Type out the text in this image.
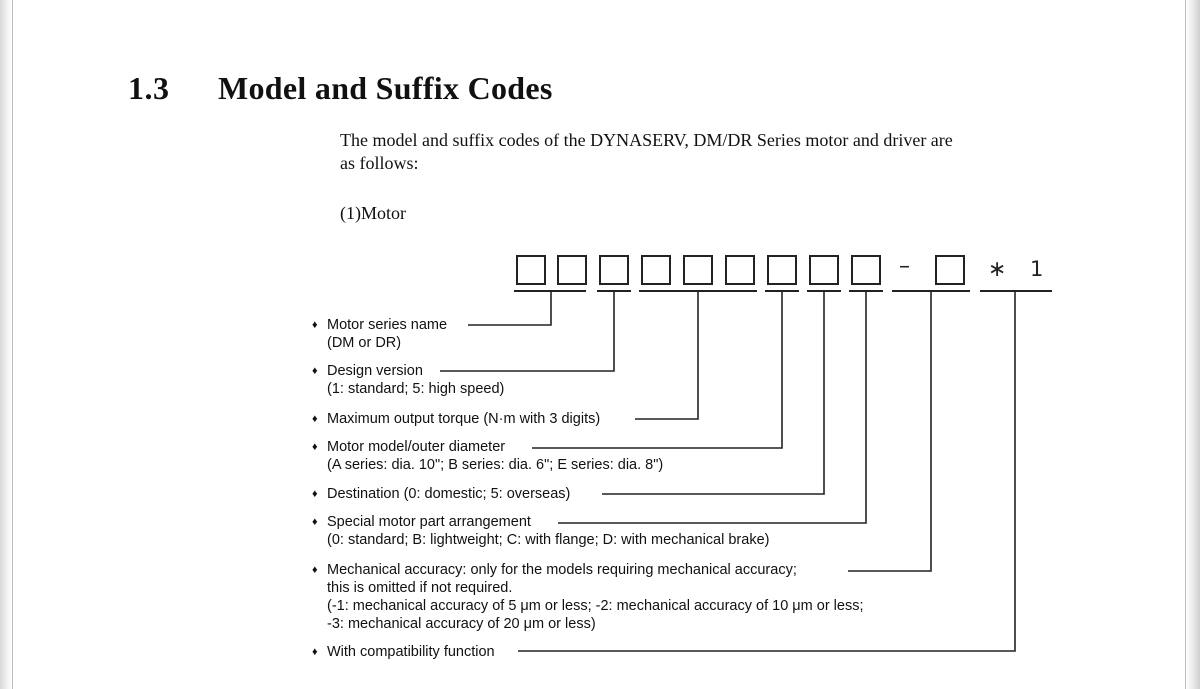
1.3 Model and Suffix Codes
The model and suffix codes of the DYNASERV, DM/DR Series motor and driver are
as follows:
(1)Motor
–	∗ 1
♦ Motor series name
(DM or DR)
♦ Design version
(1: standard; 5: high speed)
♦ Maximum output torque (N·m with 3 digits)
♦ Motor model/outer diameter
(A series: dia. 10"; B series: dia. 6"; E series: dia. 8")
♦ Destination (0: domestic; 5: overseas)
♦ Special motor part arrangement
(0: standard; B: lightweight; C: with flange; D: with mechanical brake)
♦ Mechanical accuracy: only for the models requiring mechanical accuracy;
this is omitted if not required.
(-1: mechanical accuracy of 5 μm or less; -2: mechanical accuracy of 10 μm or less;
-3: mechanical accuracy of 20 μm or less)
♦ With compatibility function
